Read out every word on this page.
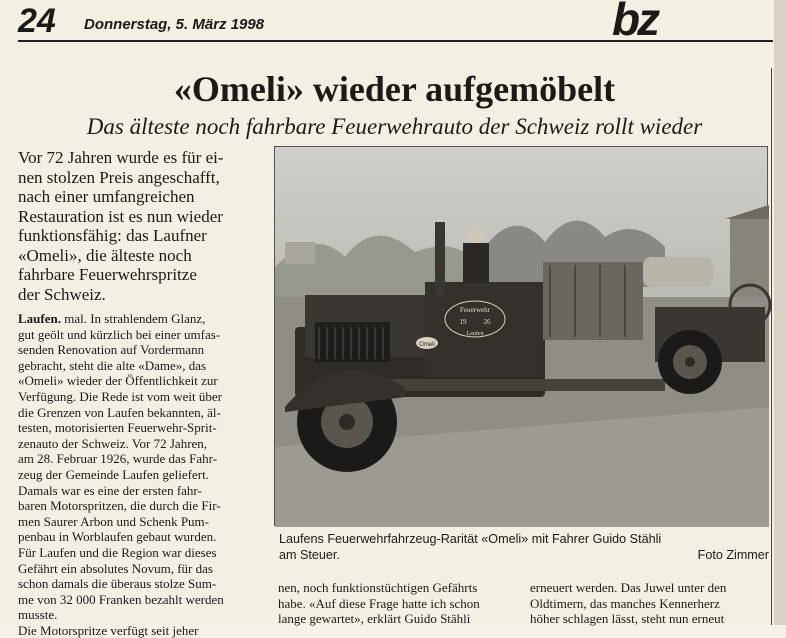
24 Donnerstag, 5. März 1998	bz
«Omeli» wieder aufgemöbelt
Das älteste noch fahrbare Feuerwehrauto der Schweiz rollt wieder
Vor 72 Jahren wurde es für ei-
nen stolzen Preis angeschafft,
nach einer umfangreichen
Restauration ist es nun wieder
funktionsfähig: das Laufner
«Omeli», die älteste noch
fahrbare Feuerwehrspritze
der Schweiz.
Laufen. mal. In strahlendem Glanz,
gut geölt und kürzlich bei einer umfas-
senden Renovation auf Vordermann
gebracht, steht die alte «Dame», das
«Omeli» wieder der Öffentlichkeit zur
Verfügung. Die Rede ist vom weit über
die Grenzen von Laufen bekannten, äl-
testen, motorisierten Feuerwehr-Sprit-
zenauto der Schweiz. Vor 72 Jahren,
am 28. Februar 1926, wurde das Fahr-
zeug der Gemeinde Laufen geliefert.
Damals war es eine der ersten fahr-
baren Motorspritzen, die durch die Fir-
men Saurer Arbon und Schenk Pum-
penbau in Worblaufen gebaut wurden.
Für Laufen und die Region war dieses
Gefährt ein absolutes Novum, für das
schon damals die überaus stolze Sum-
me von 32 000 Franken bezahlt werden
musste.
Die Motorspritze verfügt seit jeher
Feuerwehr
19 26
Laufen
Omeli
Laufens Feuerwehrfahrzeug-Rarität «Omeli» mit Fahrer Guido Stähli
am Steuer.	Foto Zimmer
nen, noch funktionstüchtigen Gefährts
habe. «Auf diese Frage hatte ich schon
lange gewartet», erklärt Guido Stähli
erneuert werden. Das Juwel unter den
Oldtimern, das manches Kennerherz
höher schlagen lässt, steht nun erneut
